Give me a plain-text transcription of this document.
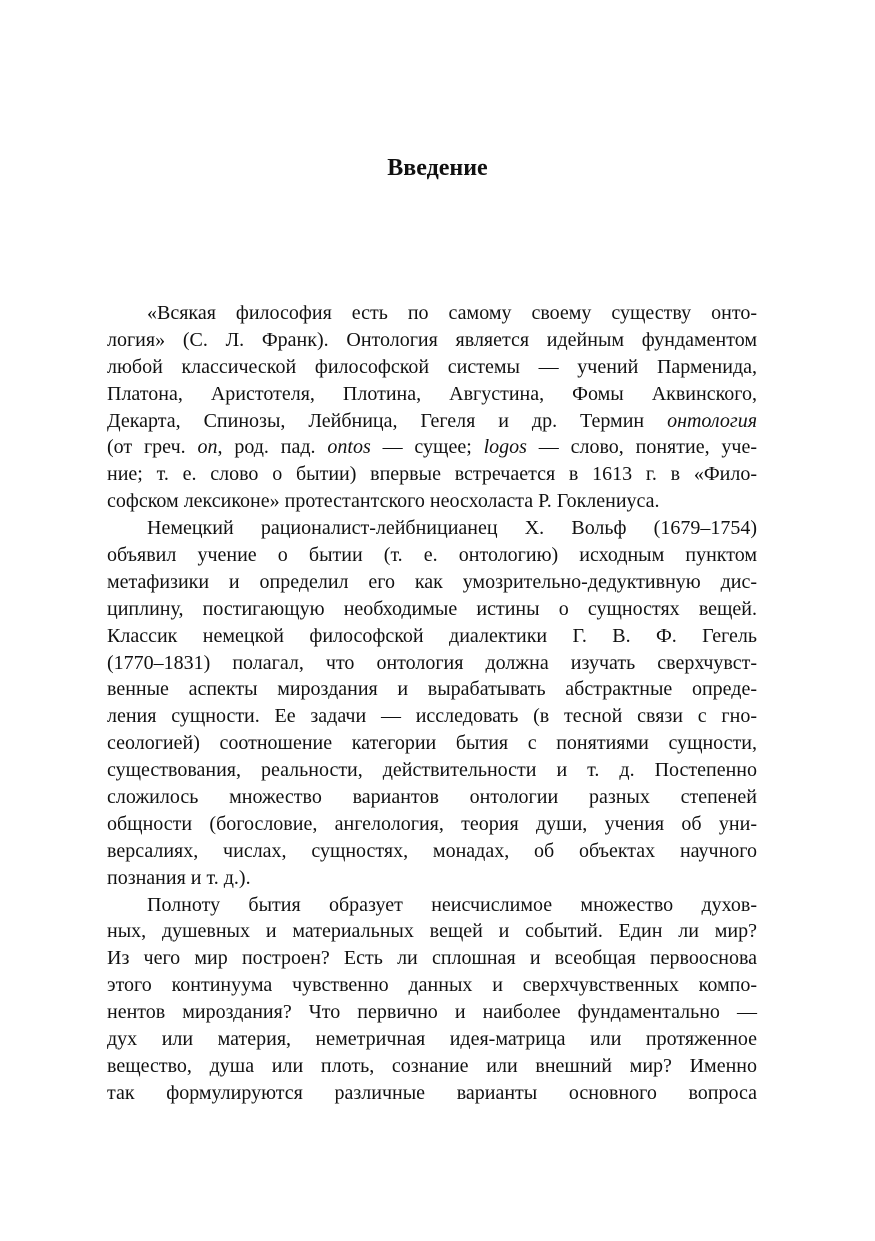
Введение
«Всякая философия есть по самому своему существу онто-
логия» (С. Л. Франк). Онтология является идейным фундаментом
любой классической философской системы — учений Парменида,
Платона, Аристотеля, Плотина, Августина, Фомы Аквинского,
Декарта, Спинозы, Лейбница, Гегеля и др. Термин онтология
(от греч. on, род. пад. ontos — сущее; logos — слово, понятие, уче-
ние; т. е. слово о бытии) впервые встречается в 1613 г. в «Фило-
софском лексиконе» протестантского неосхоласта Р. Гоклениуса.
Немецкий рационалист-лейбницианец Х. Вольф (1679–1754)
объявил учение о бытии (т. е. онтологию) исходным пунктом
метафизики и определил его как умозрительно-дедуктивную дис-
циплину, постигающую необходимые истины о сущностях вещей.
Классик немецкой философской диалектики Г. В. Ф. Гегель
(1770–1831) полагал, что онтология должна изучать сверхчувст-
венные аспекты мироздания и вырабатывать абстрактные опреде-
ления сущности. Ее задачи — исследовать (в тесной связи с гно-
сеологией) соотношение категории бытия с понятиями сущности,
существования, реальности, действительности и т. д. Постепенно
сложилось множество вариантов онтологии разных степеней
общности (богословие, ангелология, теория души, учения об уни-
версалиях, числах, сущностях, монадах, об объектах научного
познания и т. д.).
Полноту бытия образует неисчислимое множество духов-
ных, душевных и материальных вещей и событий. Един ли мир?
Из чего мир построен? Есть ли сплошная и всеобщая первооснова
этого континуума чувственно данных и сверхчувственных компо-
нентов мироздания? Что первично и наиболее фундаментально —
дух или материя, неметричная идея-матрица или протяженное
вещество, душа или плоть, сознание или внешний мир? Именно
так формулируются различные варианты основного вопроса
